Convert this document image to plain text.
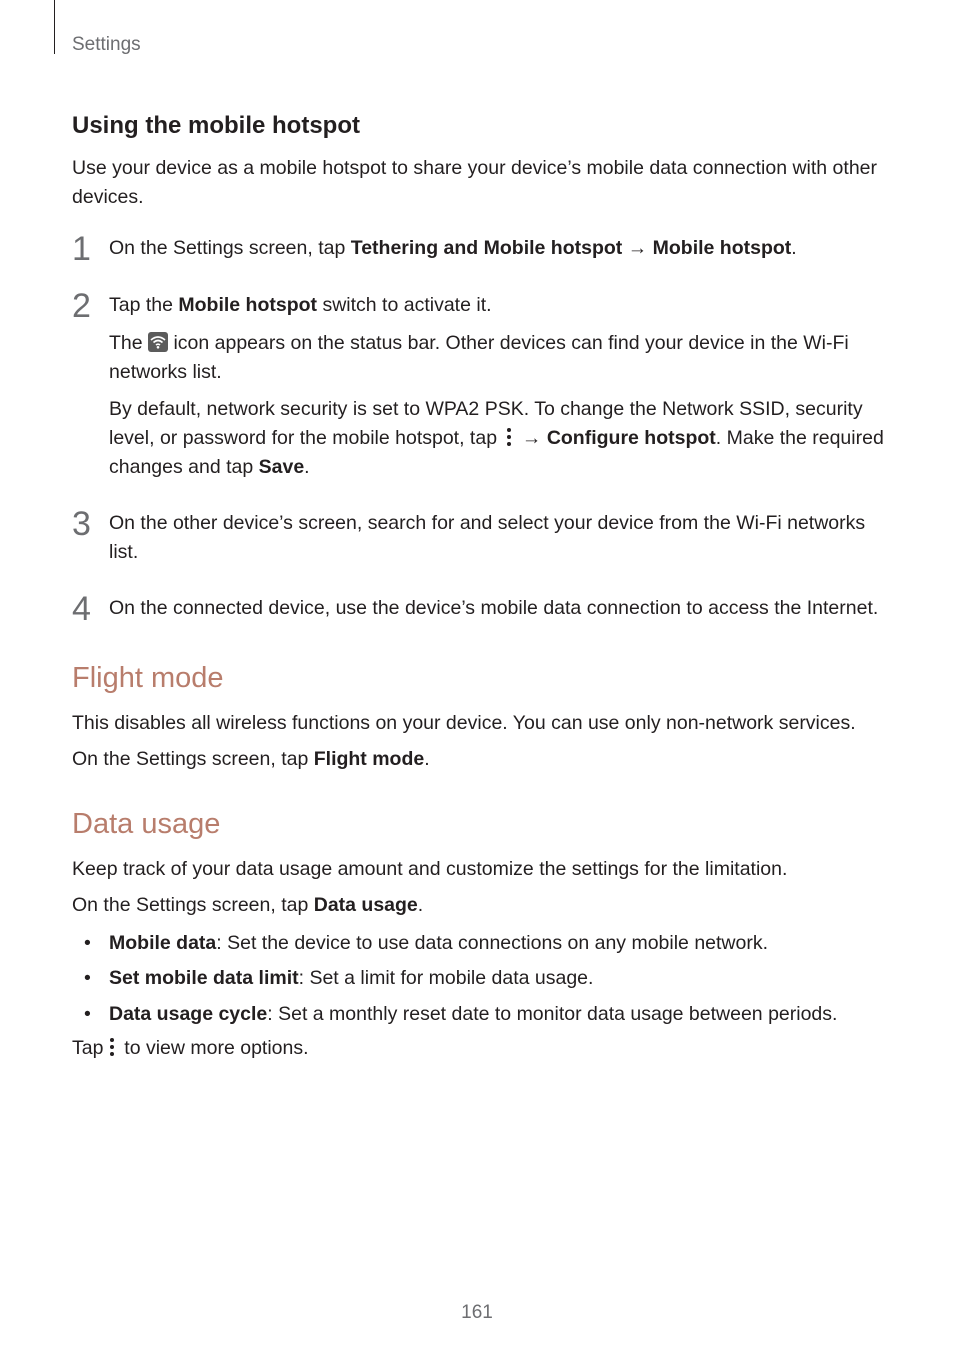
Settings
Using the mobile hotspot

Use your device as a mobile hotspot to share your device’s mobile data connection with other devices.

1 On the Settings screen, tap Tethering and Mobile hotspot → Mobile hotspot.

2 Tap the Mobile hotspot switch to activate it.

The
icon appears on the status bar. Other devices can find your device in the Wi-Fi networks list.

By default, network security is set to WPA2 PSK. To change the Network SSID, security level, or password for the mobile hotspot, tap
→ Configure hotspot. Make the required changes and tap Save.

3 On the other device’s screen, search for and select your device from the Wi-Fi networks list.

4 On the connected device, use the device’s mobile data connection to access the Internet.

Flight mode

This disables all wireless functions on your device. You can use only non-network services.

On the Settings screen, tap Flight mode.

Data usage

Keep track of your data usage amount and customize the settings for the limitation.

On the Settings screen, tap Data usage.

• Mobile data: Set the device to use data connections on any mobile network.

• Set mobile data limit: Set a limit for mobile data usage.

• Data usage cycle: Set a monthly reset date to monitor data usage between periods.

Tap
to view more options.

161
